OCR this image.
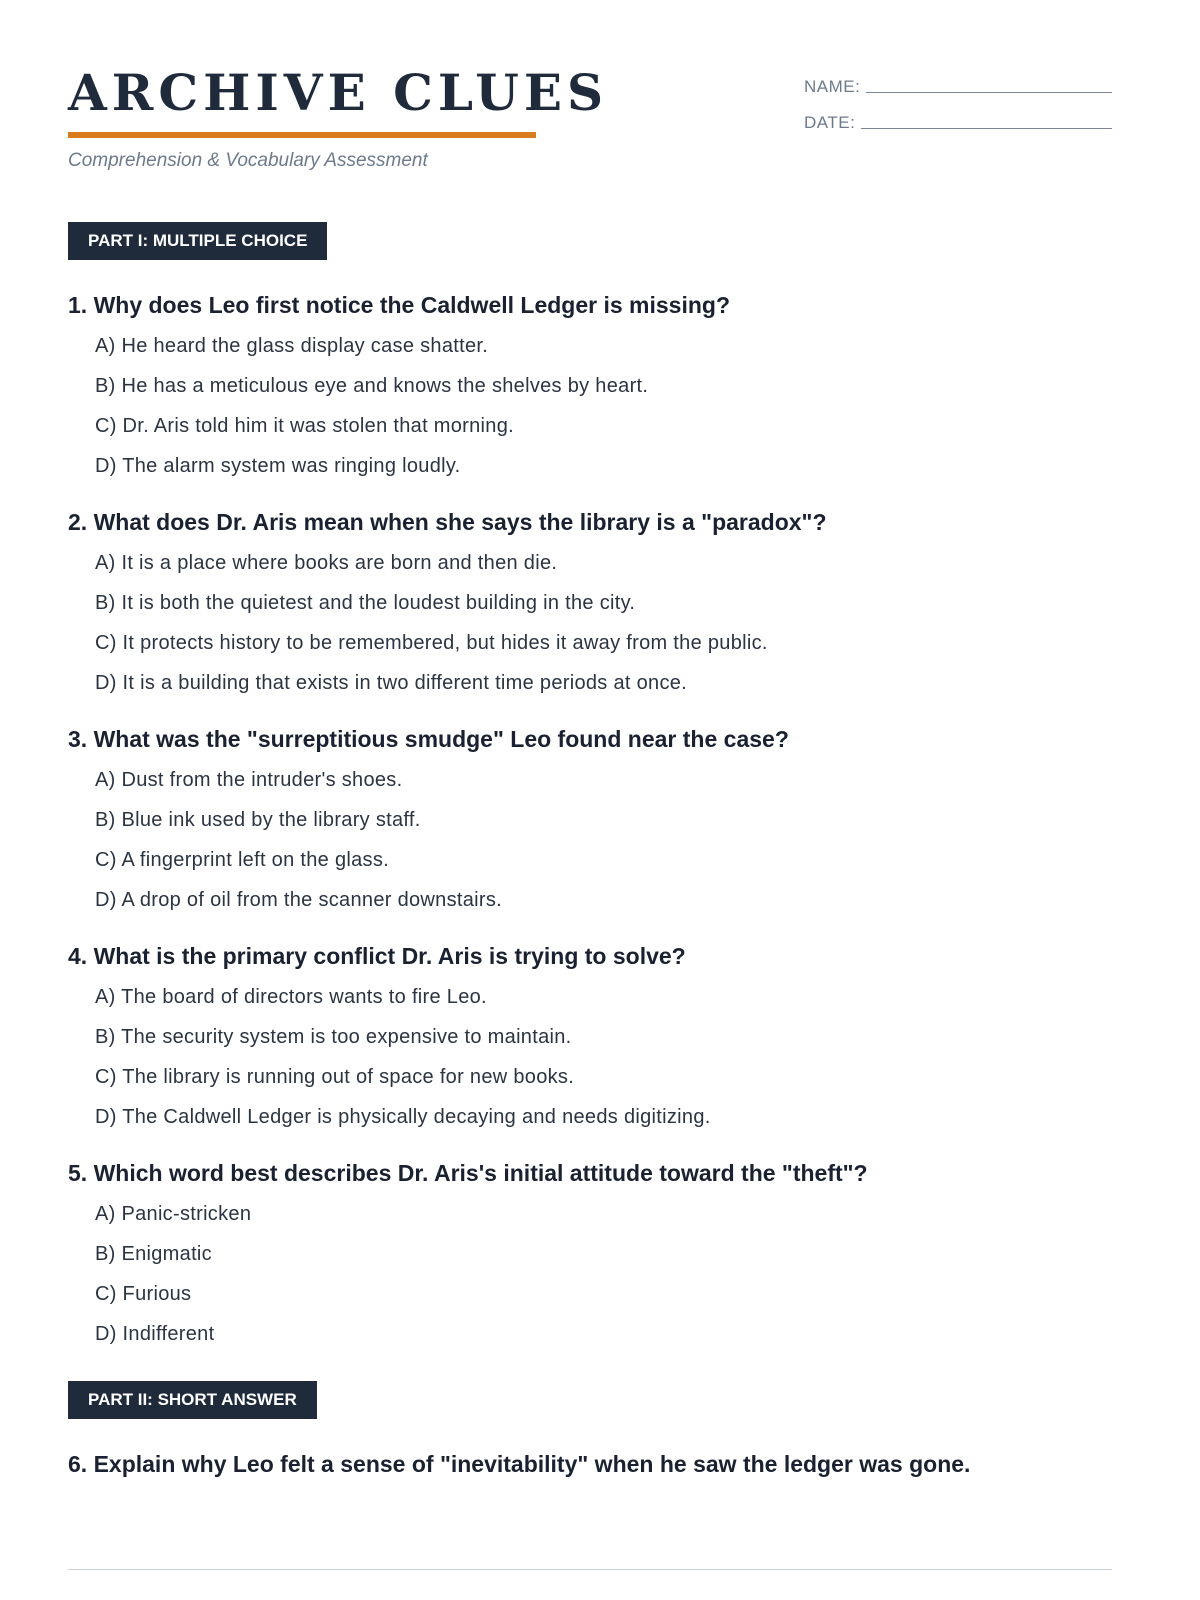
ARCHIVE CLUES
Comprehension & Vocabulary Assessment
NAME:
DATE:
PART I: MULTIPLE CHOICE

1. Why does Leo first notice the Caldwell Ledger is missing?

A) He heard the glass display case shatter.
B) He has a meticulous eye and knows the shelves by heart.
C) Dr. Aris told him it was stolen that morning.
D) The alarm system was ringing loudly.

2. What does Dr. Aris mean when she says the library is a "paradox"?

A) It is a place where books are born and then die.
B) It is both the quietest and the loudest building in the city.
C) It protects history to be remembered, but hides it away from the public.
D) It is a building that exists in two different time periods at once.

3. What was the "surreptitious smudge" Leo found near the case?

A) Dust from the intruder's shoes.
B) Blue ink used by the library staff.
C) A fingerprint left on the glass.
D) A drop of oil from the scanner downstairs.

4. What is the primary conflict Dr. Aris is trying to solve?

A) The board of directors wants to fire Leo.
B) The security system is too expensive to maintain.
C) The library is running out of space for new books.
D) The Caldwell Ledger is physically decaying and needs digitizing.

5. Which word best describes Dr. Aris's initial attitude toward the "theft"?

A) Panic-stricken
B) Enigmatic
C) Furious
D) Indifferent
PART II: SHORT ANSWER

6. Explain why Leo felt a sense of "inevitability" when he saw the ledger was gone.
